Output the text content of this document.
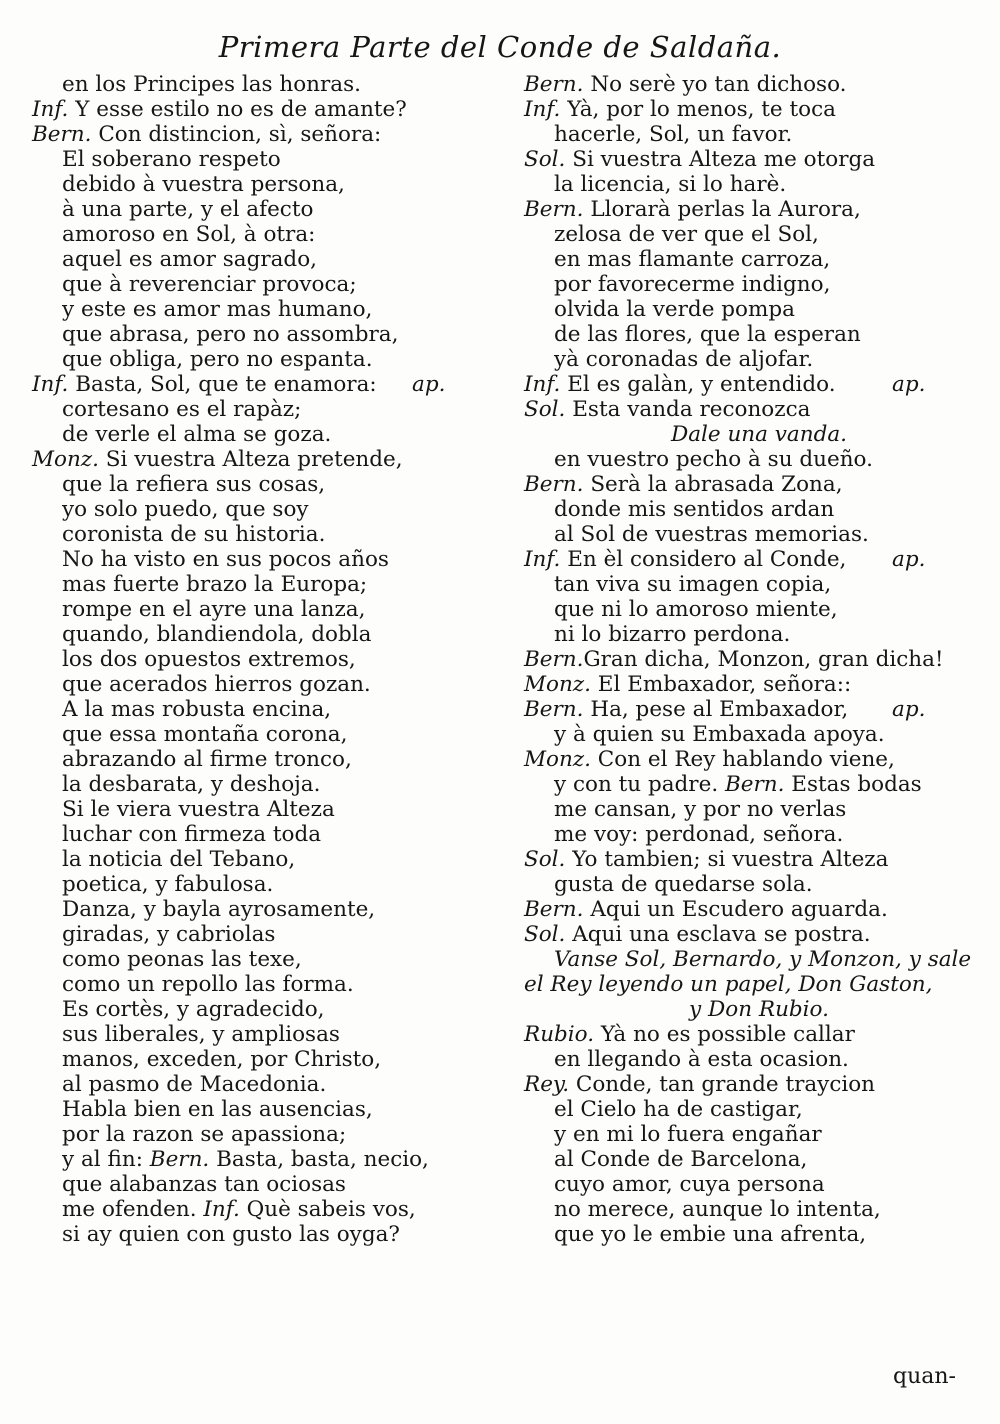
Primera Parte del Conde de Saldaña.
en los Principes las honras.
Inf. Y esse estilo no es de amante?
Bern. Con distincion, sì, señora:
El soberano respeto
debido à vuestra persona,
à una parte, y el afecto
amoroso en Sol, à otra:
aquel es amor sagrado,
que à reverenciar provoca;
y este es amor mas humano,
que abrasa, pero no assombra,
que obliga, pero no espanta.
Inf. Basta, Sol, que te enamora: ap.
cortesano es el rapàz;
de verle el alma se goza.
Monz. Si vuestra Alteza pretende,
que la refiera sus cosas,
yo solo puedo, que soy
coronista de su historia.
No ha visto en sus pocos años
mas fuerte brazo la Europa;
rompe en el ayre una lanza,
quando, blandiendola, dobla
los dos opuestos extremos,
que acerados hierros gozan.
A la mas robusta encina,
que essa montaña corona,
abrazando al firme tronco,
la desbarata, y deshoja.
Si le viera vuestra Alteza
luchar con firmeza toda
la noticia del Tebano,
poetica, y fabulosa.
Danza, y bayla ayrosamente,
giradas, y cabriolas
como peonas las texe,
como un repollo las forma.
Es cortès, y agradecido,
sus liberales, y ampliosas
manos, exceden, por Christo,
al pasmo de Macedonia.
Habla bien en las ausencias,
por la razon se apassiona;
y al fin: Bern. Basta, basta, necio,
que alabanzas tan ociosas
me ofenden. Inf. Què sabeis vos,
si ay quien con gusto las oyga?
Bern. No serè yo tan dichoso.
Inf. Yà, por lo menos, te toca
hacerle, Sol, un favor.
Sol. Si vuestra Alteza me otorga
la licencia, si lo harè.
Bern. Llorarà perlas la Aurora,
zelosa de ver que el Sol,
en mas flamante carroza,
por favorecerme indigno,
olvida la verde pompa
de las flores, que la esperan
yà coronadas de aljofar.
Inf. El es galàn, y entendido.	ap.
Sol. Esta vanda reconozca
Dale una vanda.
en vuestro pecho à su dueño.
Bern. Serà la abrasada Zona,
donde mis sentidos ardan
al Sol de vuestras memorias.
Inf. En èl considero al Conde, ap.
tan viva su imagen copia,
que ni lo amoroso miente,
ni lo bizarro perdona.
Bern.Gran dicha, Monzon, gran dicha!
Monz. El Embaxador, señora::
Bern. Ha, pese al Embaxador, ap.
y à quien su Embaxada apoya.
Monz. Con el Rey hablando viene,
y con tu padre. Bern. Estas bodas
me cansan, y por no verlas
me voy: perdonad, señora.
Sol. Yo tambien; si vuestra Alteza
gusta de quedarse sola.
Bern. Aqui un Escudero aguarda.
Sol. Aqui una esclava se postra.
Vanse Sol, Bernardo, y Monzon, y sale
el Rey leyendo un papel, Don Gaston,
y Don Rubio.
Rubio. Yà no es possible callar
en llegando à esta ocasion.
Rey. Conde, tan grande traycion
el Cielo ha de castigar,
y en mi lo fuera engañar
al Conde de Barcelona,
cuyo amor, cuya persona
no merece, aunque lo intenta,
que yo le embie una afrenta,
quan-
